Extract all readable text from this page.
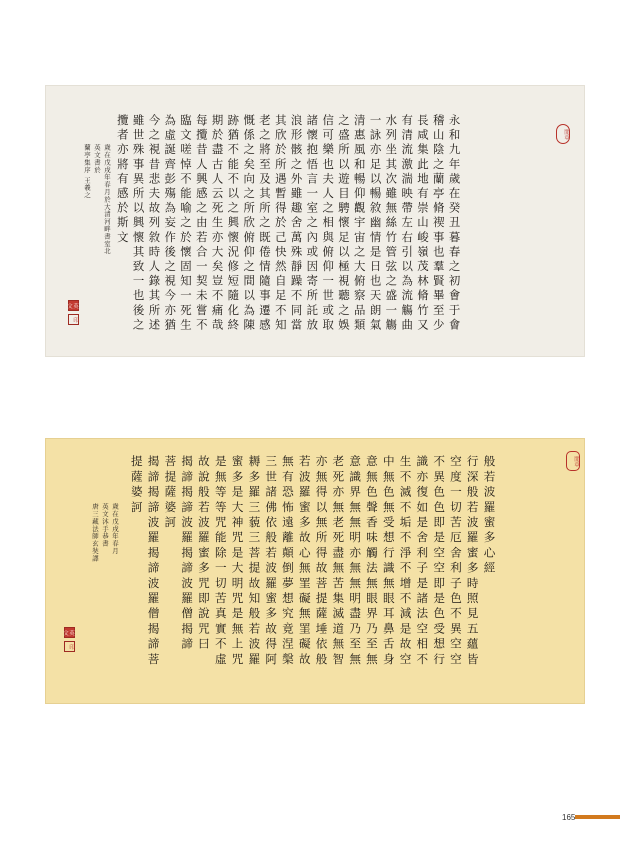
閒章
永和九年歲在癸丑暮春之初會于會
稽山陰之蘭亭脩禊事也羣賢畢至少
長咸集此地有崇山峻嶺茂林脩竹又
有清流激湍映帶左右引以為流觴曲
水列坐其次雖無絲竹管弦之盛一觴
一詠亦足以暢敘幽情是日也天朗氣
清惠風和暢仰觀宇宙之大俯察品類
之盛所以遊目騁懷足以極視聽之娛
信可樂也夫人之相與俯仰一世或取
諸懷抱悟言一室之內或因寄所託放
浪形骸之外雖趣舍萬殊靜躁不同當
其欣於所遇暫得於己快然自足不知
老之將至及其所之既倦情隨事遷感
慨係之矣向之所欣俯仰之間以為陳
跡猶不能不以之興懷況修短隨化終
期於盡古人云死生亦大矣豈不痛哉
每攬昔人興感之由若合一契未嘗不
臨文嗟悼不能喻之於懷固知一死生
為虛誕齊彭殤為妄作後之視今亦猶
今之視昔悲夫故列敘時人錄其所述
雖世殊事異所以興懷其致一也後之
攬者亦將有感於斯文
歲在戊戌年春月於大清河畔書室北
英文書於
蘭亭集序 王羲之
英文
印
閒章
般若波羅蜜多心經
行深般若波羅蜜多時照見五蘊皆
空度一切苦厄舍利子色不異空空
不異色色即是空空即是色受想行
識亦復如是舍利子是諸法空相不
生不滅不垢不淨不增不減是故空
中無色無受想行識無眼耳鼻舌身
意無色聲香味觸法無眼界乃至無
意識界無無明亦無無明盡乃至無
老死亦無老死盡無苦集滅道無智
亦無得以無所得故菩提薩埵依般
若波羅蜜多故心無罣礙無罣礙故
無有恐怖遠離顛倒夢想究竟涅槃
三世諸佛依般若波羅蜜多故得阿
耨多羅三藐三菩提故知般若波羅
蜜多是大神咒是大明咒是無上咒
是無等等咒能除一切苦真實不虛
故說般若波羅蜜多咒即說咒曰
揭諦揭諦波羅揭諦波羅僧揭諦
菩提薩婆訶
揭諦揭諦波羅揭諦波羅僧揭諦菩
提薩婆訶
歲在戊戌年春月
英文沐手恭書
唐三藏法師玄奘譯
英文
印
165
